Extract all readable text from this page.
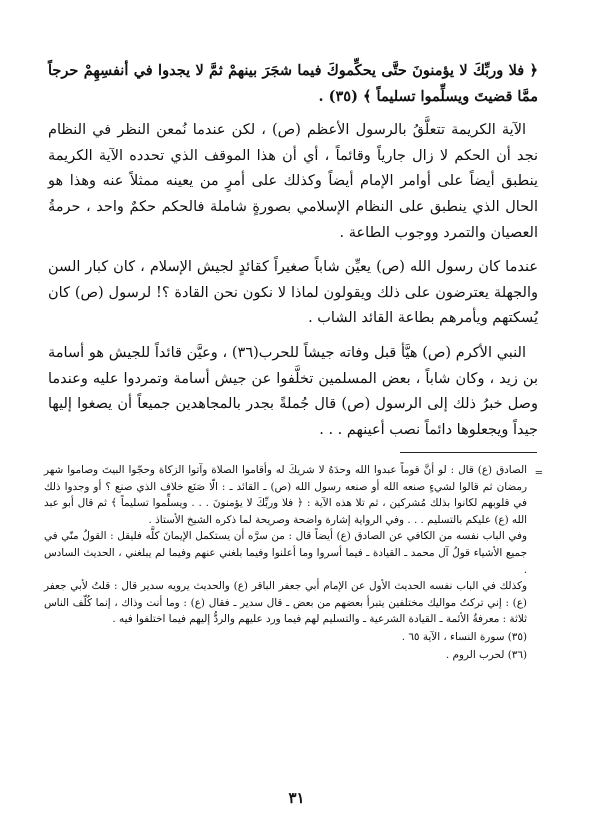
﴿ فلا وربِّكَ لا يؤمنونَ حتَّى يحكِّموكَ فيما شجَرَ بينهمْ ثمَّ لا يجدوا في أنفسِهِمْ حرجاً ممَّا قضيتَ ويسلِّموا تسليماً ﴾ (٣٥) .

الآية الكريمة تتعلَّقُ بالرسول الأعظم (ص) ، لكن عندما نُمعن النظر في النظام نجد أن الحكم لا زال جارياً وقائماً ، أي أن هذا الموقف الذي تحدده الآية الكريمة ينطبق أيضاً على أوامر الإمام أيضاً وكذلك على أمرٍ من يعينه ممثلاً عنه وهذا هو الحال الذي ينطبق على النظام الإسلامي بصورةٍ شاملة فالحكم حكمٌ واحد ، حرمةُ العصيان والتمرد ووجوب الطاعة .

عندما كان رسول الله (ص) يعيِّن شاباً صغيراً كقائدٍ لجيش الإسلام ، كان كبار السن والجهلة يعترضون على ذلك ويقولون لماذا لا نكون نحن القادة ؟! لرسول (ص) كان يُسكتهم ويأمرهم بطاعة القائد الشاب .

النبي الأكرم (ص) هيَّأ قبل وفاته جيشاً للحرب(٣٦) ، وعيَّن قائداً للجيش هو أسامة بن زيد ، وكان شاباً ، بعض المسلمين تخلَّفوا عن جيش أسامة وتمردوا عليه وعندما وصل خبرُ ذلك إلى الرسول (ص) قال جُملةً بجدر بالمجاهدين جميعاً أن يصغوا إليها جيداً ويجعلوها دائماً نصب أعينهم . . .

=

الصادق (ع) قال : لو أنَّ قوماً عبدوا الله وحدَهُ لا شريكَ له وأقاموا الصلاة وآتوا الزكاة وحجّوا البيتَ وصاموا شهر رمضان ثم قالوا لشيءٍ صنعه الله أو صنعه رسول الله (ص) ـ القائد ـ : الّا صَنَع خلاف الذي صنع ؟ أو وجدوا ذلك في قلوبهم لكانوا بذلك مُشركين ، ثم تلا هذه الآية : ﴿ فلا وربِّكَ لا يؤمنونَ . . . ويسلِّموا تسليماً ﴾ ثم قال أبو عبد الله (ع) عليكم بالتسليم . . . وفي الرواية إشارة واضحة وصريحة لما ذكره الشيخ الأستاذ .

وفي الباب نفسه من الكافي عن الصادق (ع) أيضاً قال : من سرَّه أن يستكمل الإيمانَ كلَّه فليقل : القولُ منّي في جميع الأشياء قولُ آل محمد ـ القيادة ـ فيما أسروا وما أعلنوا وفيما بلغني عنهم وفيما لم يبلغني ، الحديث السادس .

وكذلك في الباب نفسه الحديث الأول عن الإمام أبي جعفر الباقر (ع) والحديث يرويه سدير قال : قلتُ لأبي جعفر (ع) : إني تركتُ مواليك مختلفين يتبرأ بعضهم من بعض ـ قال سدير ـ فقال (ع) : وما أنت وذاك ، إنما كُلّف الناس ثلاثة : معرفةُ الأئمة ـ القيادة الشرعية ـ والتسليم لهم فيما ورد عليهم والردُّ إليهم فيما اختلفوا فيه .

(٣٥) سورة النساء ، الآية ٦٥ .

(٣٦) لحرب الروم .

٣١
